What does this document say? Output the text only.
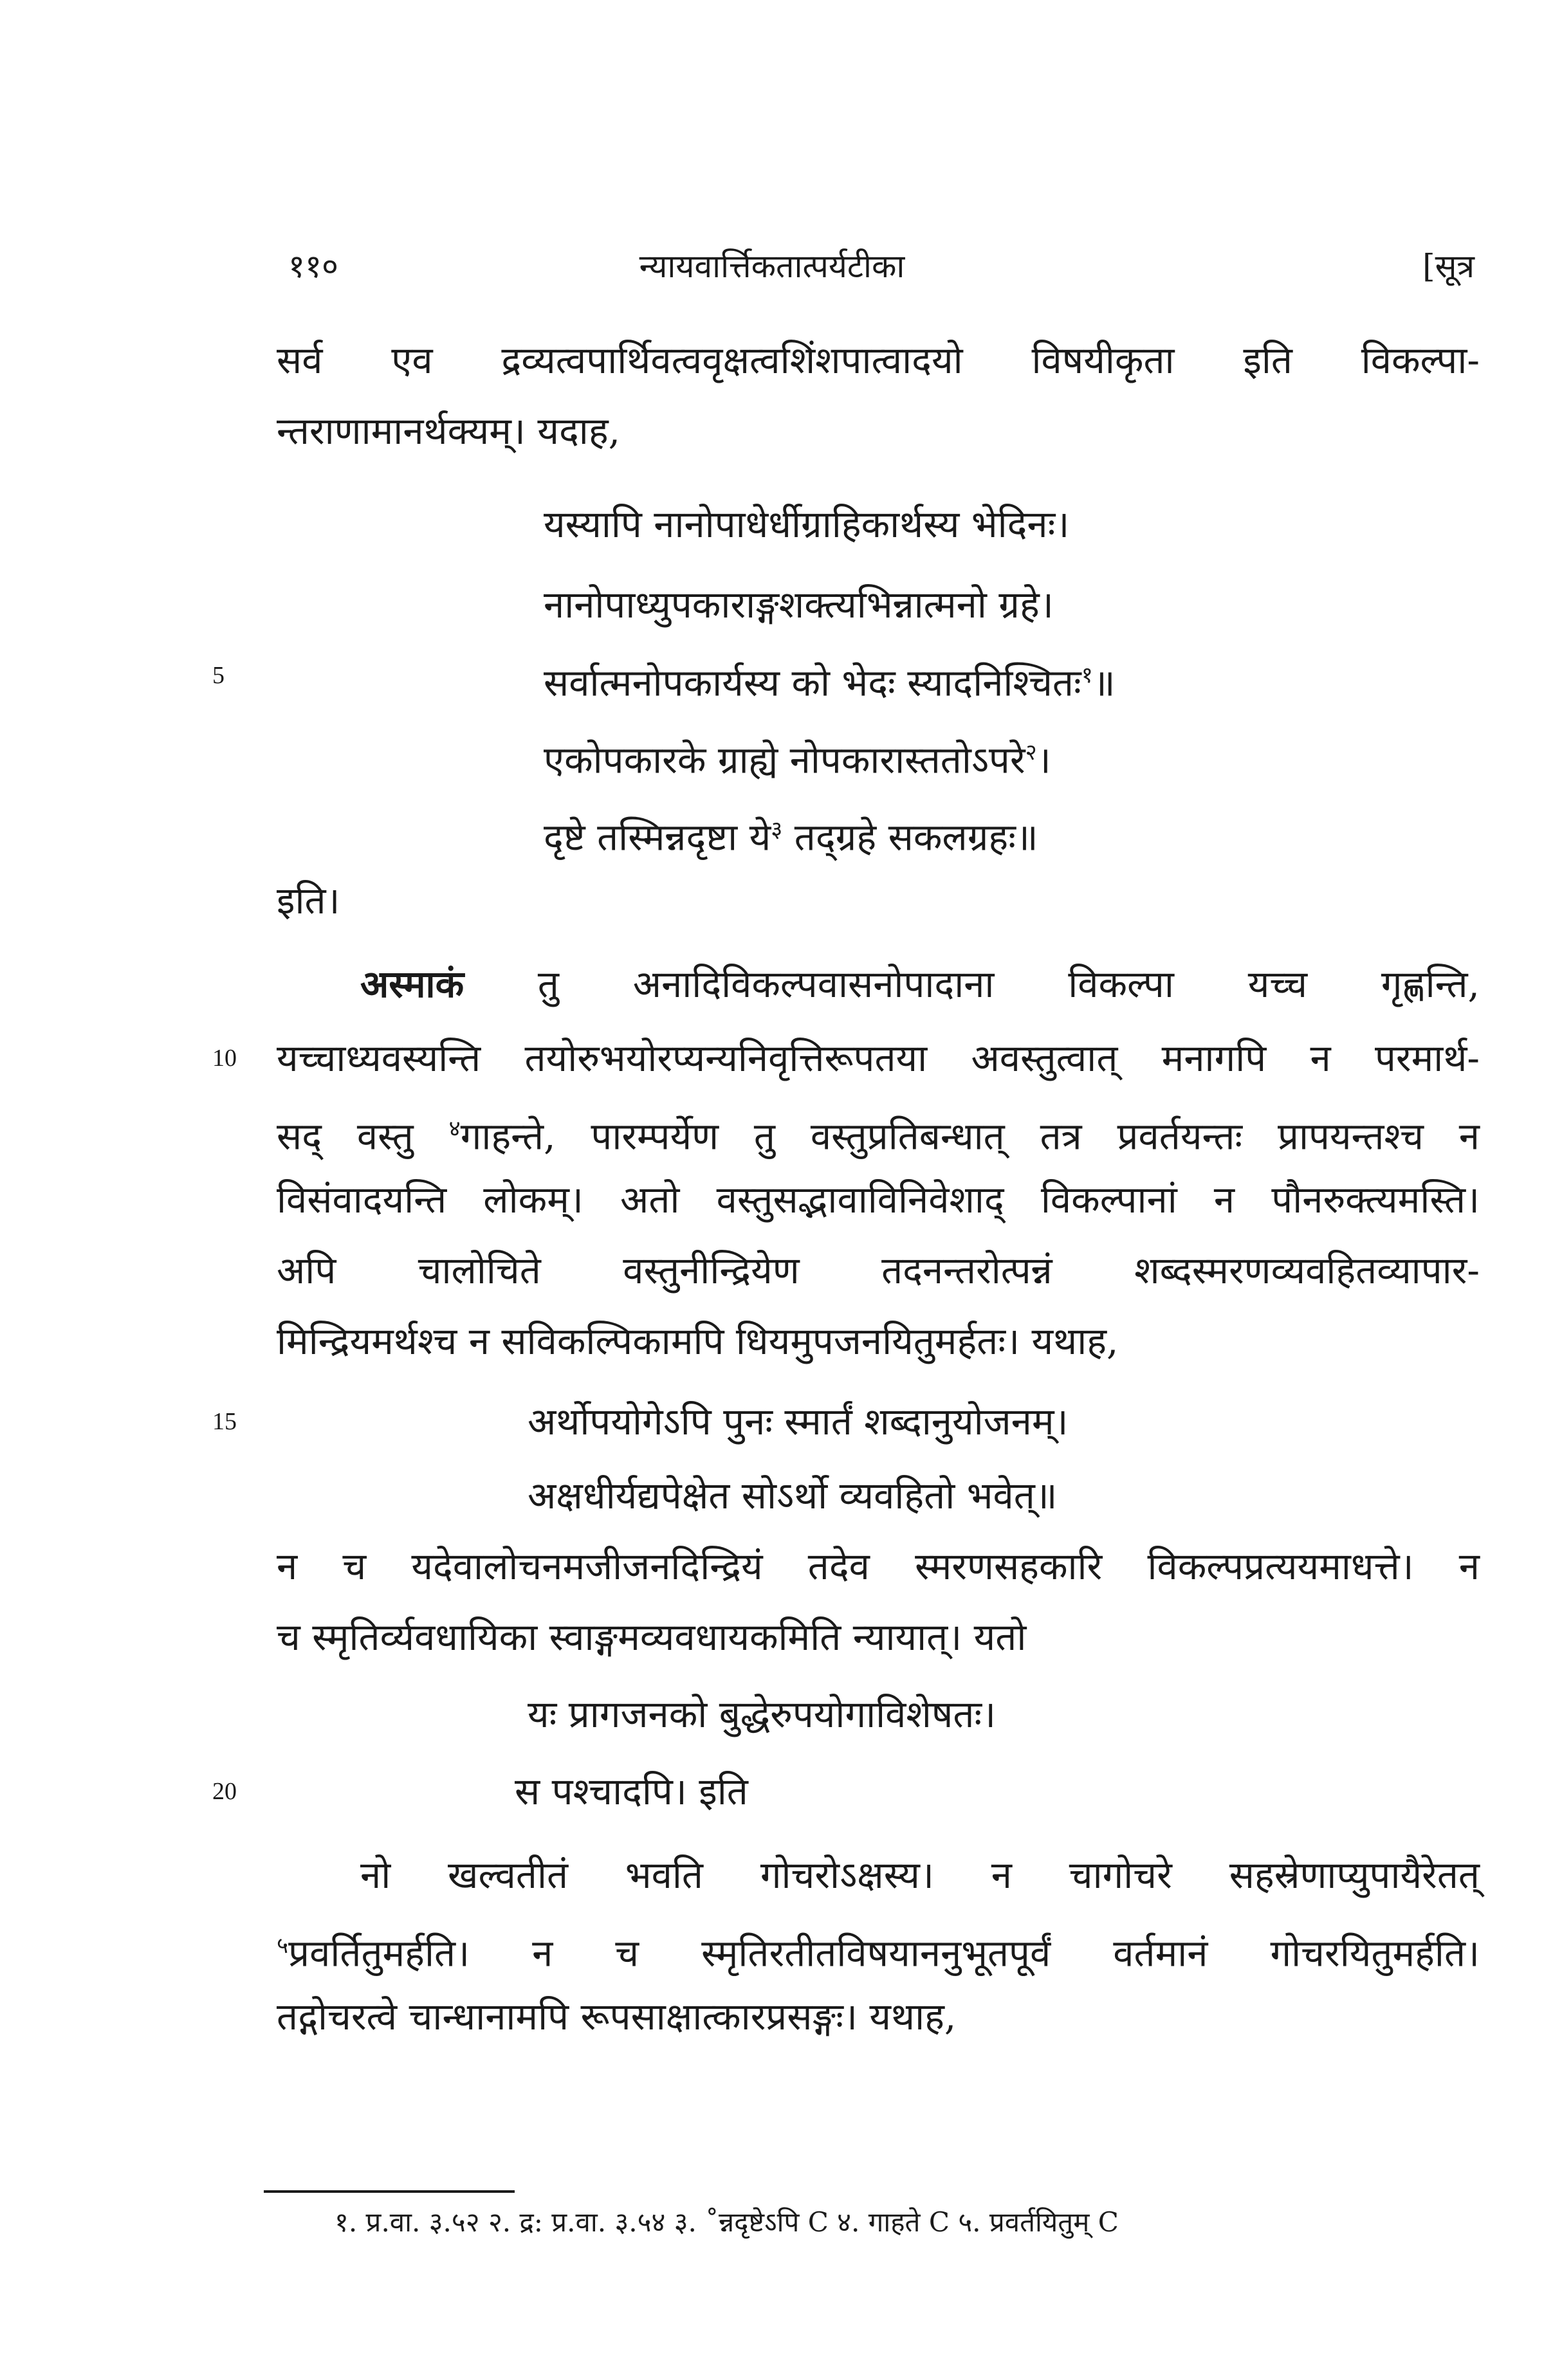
११०	न्यायवार्त्तिकतात्पर्यटीका	[सूत्र
सर्व एव द्रव्यत्वपार्थिवत्ववृक्षत्वशिंशपात्वादयो विषयीकृता इति विकल्पा-
न्तराणामानर्थक्यम्। यदाह,
यस्यापि नानोपाधेर्धीग्राहिकार्थस्य भेदिनः।
नानोपाध्युपकाराङ्गशक्त्यभिन्नात्मनो ग्रहे।
सर्वात्मनोपकार्यस्य को भेदः स्यादनिश्चितः$^१$॥
5
एकोपकारके ग्राह्ये नोपकारास्ततोऽपरे$^२$।
दृष्टे तस्मिन्नदृष्टा ये$^३$ तद्ग्रहे सकलग्रहः॥
इति।
अस्माकं तु अनादिविकल्पवासनोपादाना विकल्पा यच्च गृह्णन्ति,
यच्चाध्यवस्यन्ति तयोरुभयोरप्यन्यनिवृत्तिरूपतया अवस्तुत्वात् मनागपि न परमार्थ-
10
सद् वस्तु $^४$गाहन्ते, पारम्पर्येण तु वस्तुप्रतिबन्धात् तत्र प्रवर्तयन्तः प्रापयन्तश्च न
विसंवादयन्ति लोकम्। अतो वस्तुसद्भावाविनिवेशाद् विकल्पानां न पौनरुक्त्यमस्ति।
अपि चालोचिते वस्तुनीन्द्रियेण तदनन्तरोत्पन्नं शब्दस्मरणव्यवहितव्यापार-
मिन्द्रियमर्थश्च न सविकल्पिकामपि धियमुपजनयितुमर्हतः। यथाह,
अर्थोपयोगेऽपि पुनः स्मार्तं शब्दानुयोजनम्।
15
अक्षधीर्यद्यपेक्षेत सोऽर्थो व्यवहितो भवेत्॥
न च यदेवालोचनमजीजनदिन्द्रियं तदेव स्मरणसहकारि विकल्पप्रत्ययमाधत्ते। न
च स्मृतिर्व्यवधायिका स्वाङ्गमव्यवधायकमिति न्यायात्। यतो
यः प्रागजनको बुद्धेरुपयोगाविशेषतः।
स पश्चादपि। इति
20
नो खल्वतीतं भवति गोचरोऽक्षस्य। न चागोचरे सहस्रेणाप्युपायैरेतत्
$^५$प्रवर्तितुमर्हति। न च स्मृतिरतीतविषयाननुभूतपूर्वं वर्तमानं गोचरयितुमर्हति।
तद्गोचरत्वे चान्धानामपि रूपसाक्षात्कारप्रसङ्गः। यथाह,
१. प्र.वा. ३.५२ २. द्र: प्र.वा. ३.५४ ३. ˚न्नदृष्टेऽपि C ४. गाहते C ५. प्रवर्तयितुम् C
